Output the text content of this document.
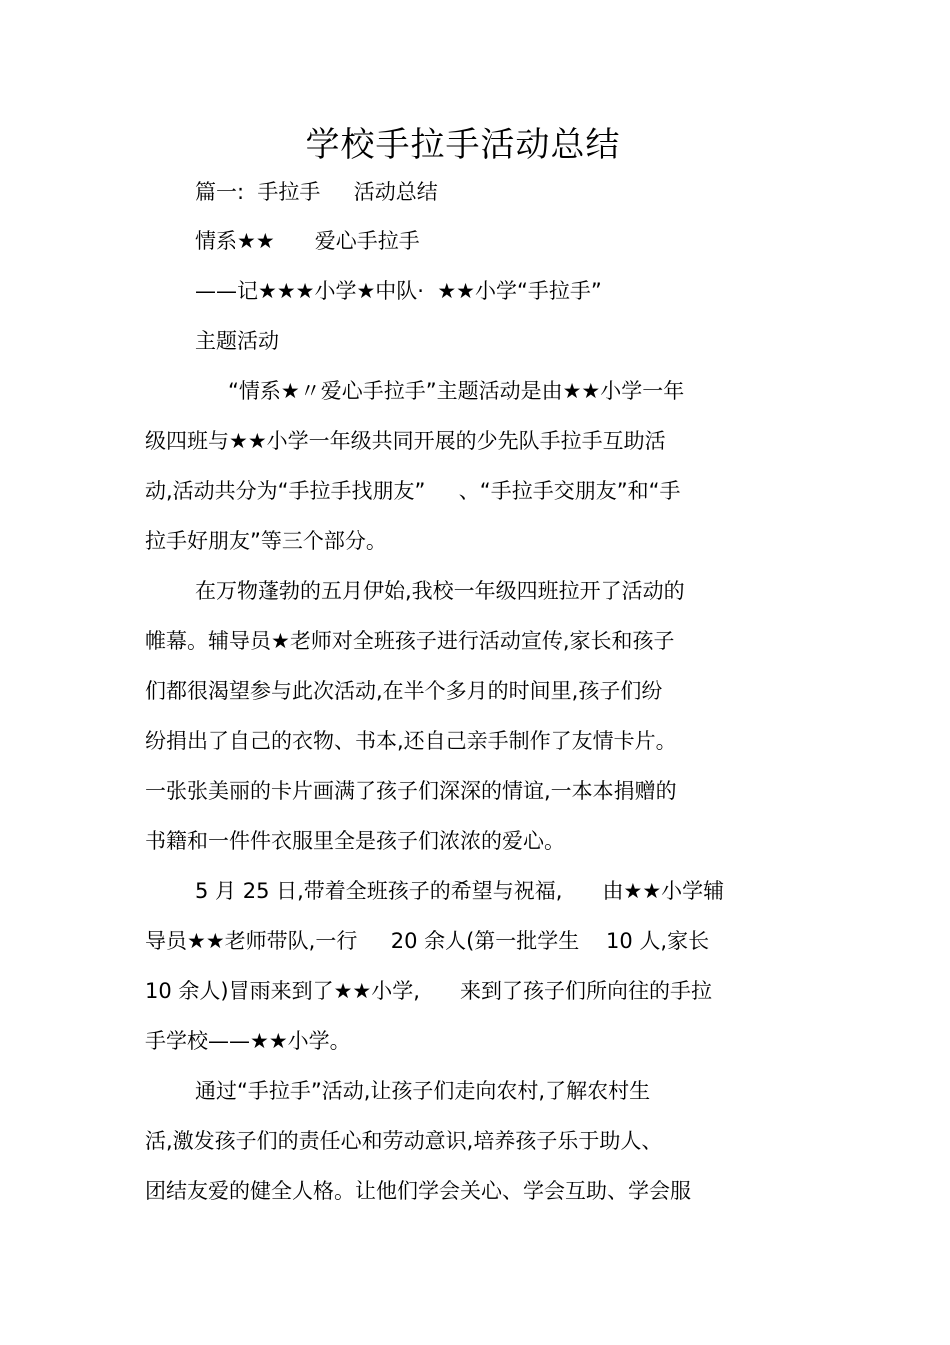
学校手拉手活动总结
篇一:  手拉手     活动总结
情系★★      爱心手拉手
——记★★★小学★中队·  ★★小学“手拉手”
主题活动
“情系★〃爱心手拉手”主题活动是由★★小学一年
级四班与★★小学一年级共同开展的少先队手拉手互助活
动,活动共分为“手拉手找朋友”     、“手拉手交朋友”和“手
拉手好朋友”等三个部分。
在万物蓬勃的五月伊始,我校一年级四班拉开了活动的
帷幕。辅导员★老师对全班孩子进行活动宣传,家长和孩子
们都很渴望参与此次活动,在半个多月的时间里,孩子们纷
纷捐出了自己的衣物、书本,还自己亲手制作了友情卡片。
一张张美丽的卡片画满了孩子们深深的情谊,一本本捐赠的
书籍和一件件衣服里全是孩子们浓浓的爱心。
5 月 25 日,带着全班孩子的希望与祝福,      由★★小学辅
导员★★老师带队,一行     20 余人(第一批学生    10 人,家长
10 余人)冒雨来到了★★小学,      来到了孩子们所向往的手拉
手学校——★★小学。
通过“手拉手”活动,让孩子们走向农村,了解农村生
活,激发孩子们的责任心和劳动意识,培养孩子乐于助人、
团结友爱的健全人格。让他们学会关心、学会互助、学会服
